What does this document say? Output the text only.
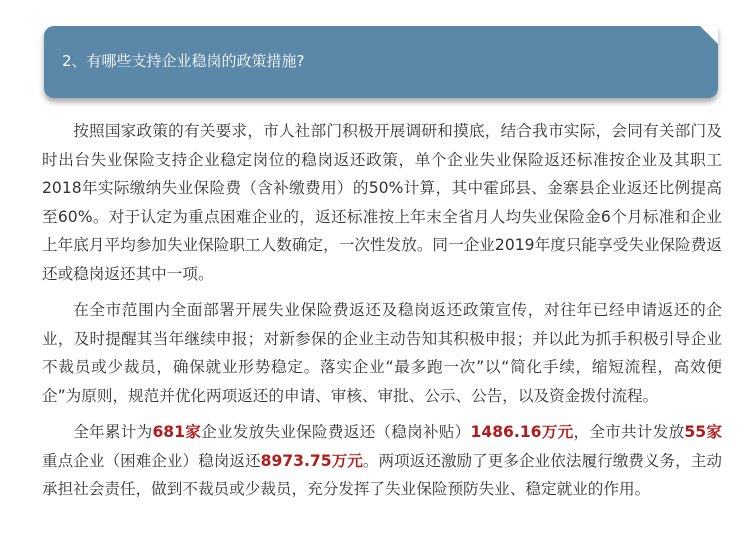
2、有哪些支持企业稳岗的政策措施?

按照国家政策的有关要求，市人社部门积极开展调研和摸底，结合我市实际，会同有关部门及时出台失业保险支持企业稳定岗位的稳岗返还政策，单个企业失业保险返还标准按企业及其职工2018年实际缴纳失业保险费（含补缴费用）的50%计算，其中霍邱县、金寨县企业返还比例提高至60%。对于认定为重点困难企业的，返还标准按上年末全省月人均失业保险金6个月标准和企业上年底月平均参加失业保险职工人数确定，一次性发放。同一企业2019年度只能享受失业保险费返还或稳岗返还其中一项。

在全市范围内全面部署开展失业保险费返还及稳岗返还政策宣传，对往年已经申请返还的企业，及时提醒其当年继续申报；对新参保的企业主动告知其积极申报；并以此为抓手积极引导企业不裁员或少裁员，确保就业形势稳定。落实企业“最多跑一次”以“简化手续，缩短流程，高效便企”为原则，规范并优化两项返还的申请、审核、审批、公示、公告，以及资金拨付流程。

全年累计为681家企业发放失业保险费返还（稳岗补贴）1486.16万元，全市共计发放55家重点企业（困难企业）稳岗返还8973.75万元。两项返还激励了更多企业依法履行缴费义务，主动承担社会责任，做到不裁员或少裁员，充分发挥了失业保险预防失业、稳定就业的作用。
